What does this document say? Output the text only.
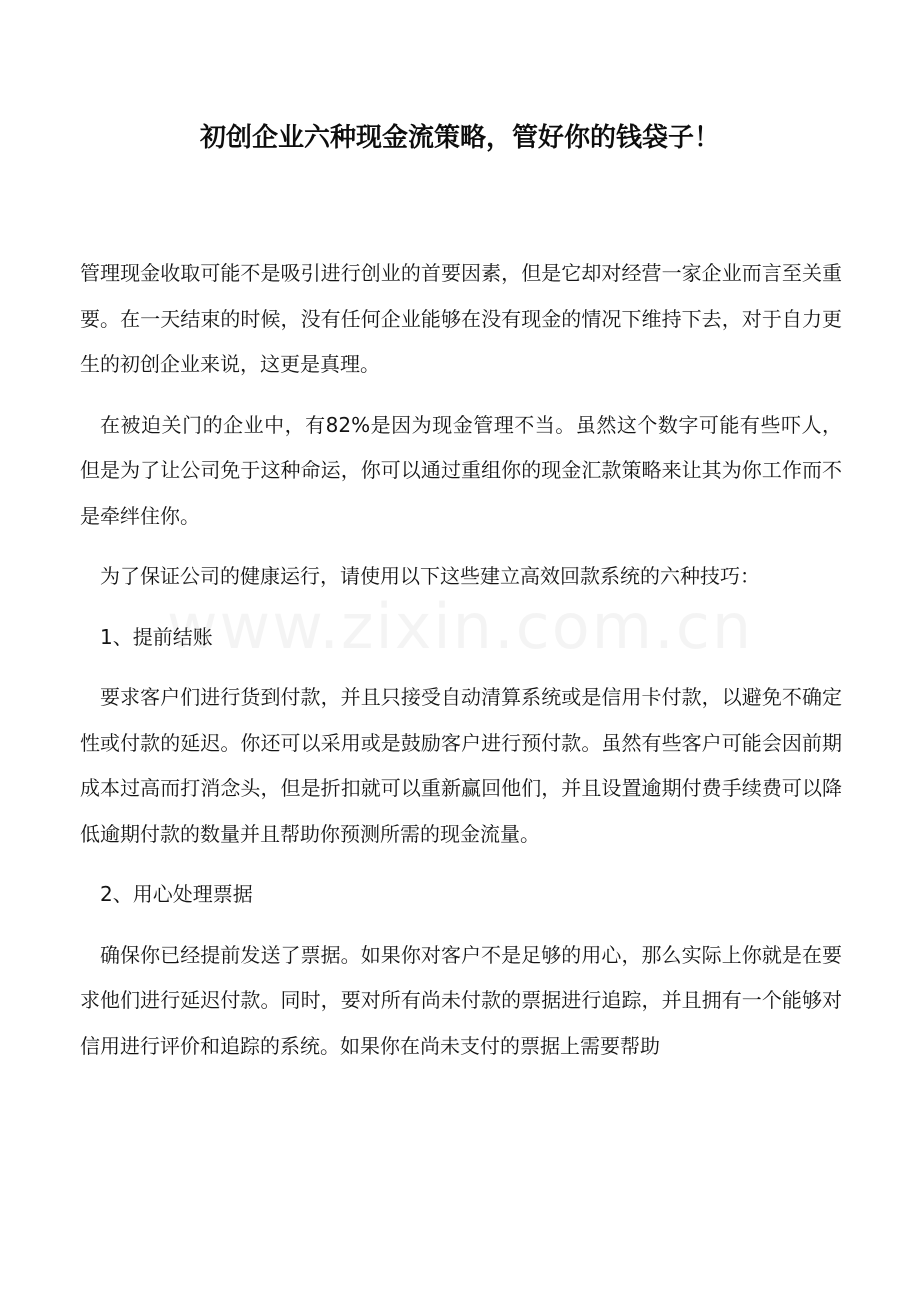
初创企业六种现金流策略，管好你的钱袋子！

管理现金收取可能不是吸引进行创业的首要因素，但是它却对经营一家企业而言至关重要。在一天结束的时候，没有任何企业能够在没有现金的情况下维持下去，对于自力更生的初创企业来说，这更是真理。

在被迫关门的企业中，有82%是因为现金管理不当。虽然这个数字可能有些吓人，但是为了让公司免于这种命运，你可以通过重组你的现金汇款策略来让其为你工作而不是牵绊住你。

为了保证公司的健康运行，请使用以下这些建立高效回款系统的六种技巧：

1、提前结账

要求客户们进行货到付款，并且只接受自动清算系统或是信用卡付款，以避免不确定性或付款的延迟。你还可以采用或是鼓励客户进行预付款。虽然有些客户可能会因前期成本过高而打消念头，但是折扣就可以重新赢回他们，并且设置逾期付费手续费可以降低逾期付款的数量并且帮助你预测所需的现金流量。

2、用心处理票据

确保你已经提前发送了票据。如果你对客户不是足够的用心，那么实际上你就是在要求他们进行延迟付款。同时，要对所有尚未付款的票据进行追踪，并且拥有一个能够对信用进行评价和追踪的系统。如果你在尚未支付的票据上需要帮助
